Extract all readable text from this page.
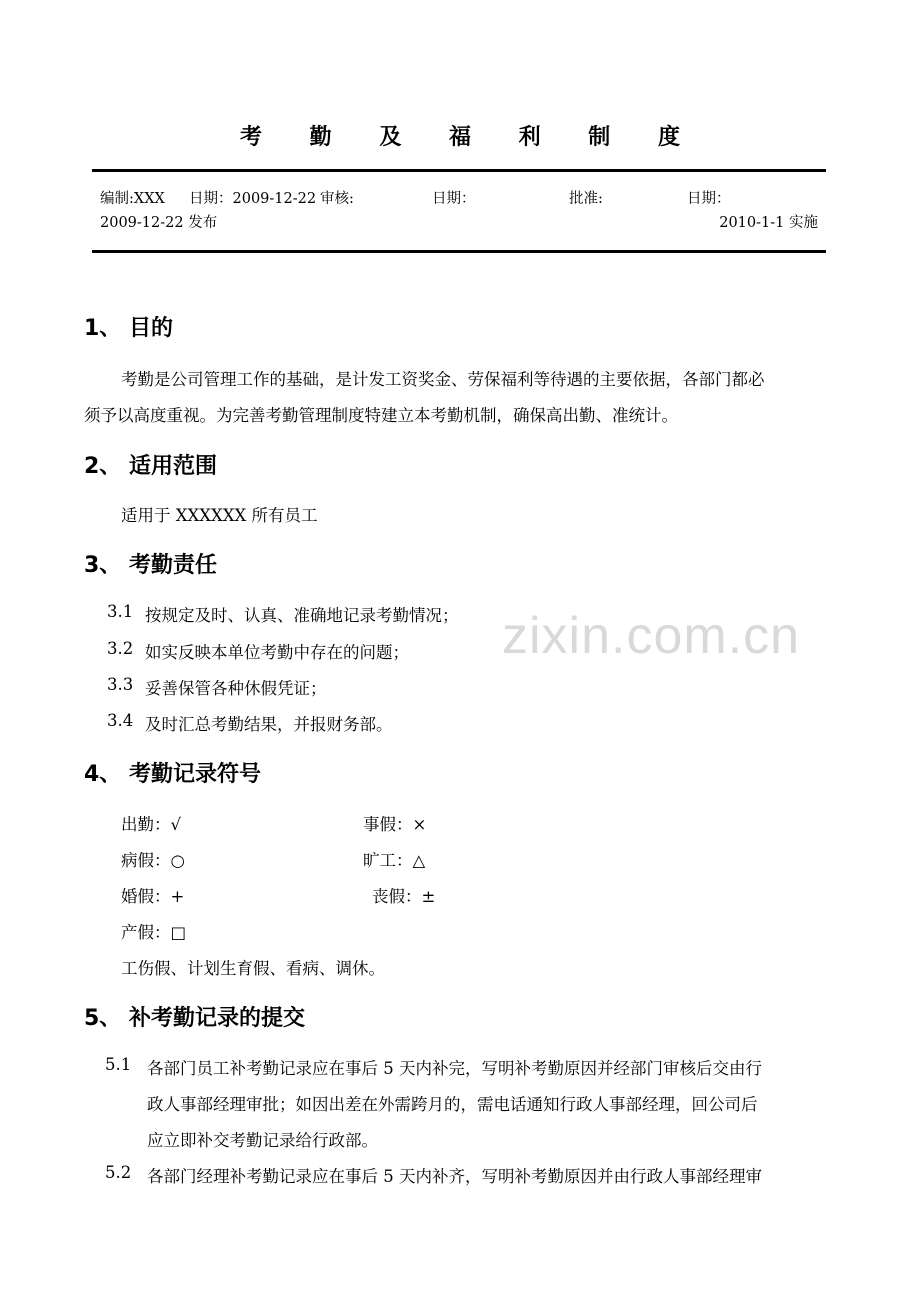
考 勤 及 福 利 制 度
编制:XXX 日期：2009-12-22 审核:	日期：	批准:	日期：
2009-12-22 发布	2010-1-1 实施
1、 目的
考勤是公司管理工作的基础，是计发工资奖金、劳保福利等待遇的主要依据，各部门都必
须予以高度重视。为完善考勤管理制度特建立本考勤机制，确保高出勤、准统计。
2、 适用范围
适用于 XXXXXX 所有员工
3、 考勤责任
3.1 按规定及时、认真、准确地记录考勤情况；
3.2 如实反映本单位考勤中存在的问题；
3.3 妥善保管各种休假凭证；
3.4 及时汇总考勤结果，并报财务部。
4、 考勤记录符号
出勤：√	事假：×
病假：○	旷工：△
婚假：+	丧假：±
产假：□
工伤假、计划生育假、看病、调休。
5、 补考勤记录的提交
5.1 各部门员工补考勤记录应在事后 5 天内补完，写明补考勤原因并经部门审核后交由行
政人事部经理审批；如因出差在外需跨月的，需电话通知行政人事部经理，回公司后
应立即补交考勤记录给行政部。
5.2 各部门经理补考勤记录应在事后 5 天内补齐，写明补考勤原因并由行政人事部经理审
zixin.com.cn
